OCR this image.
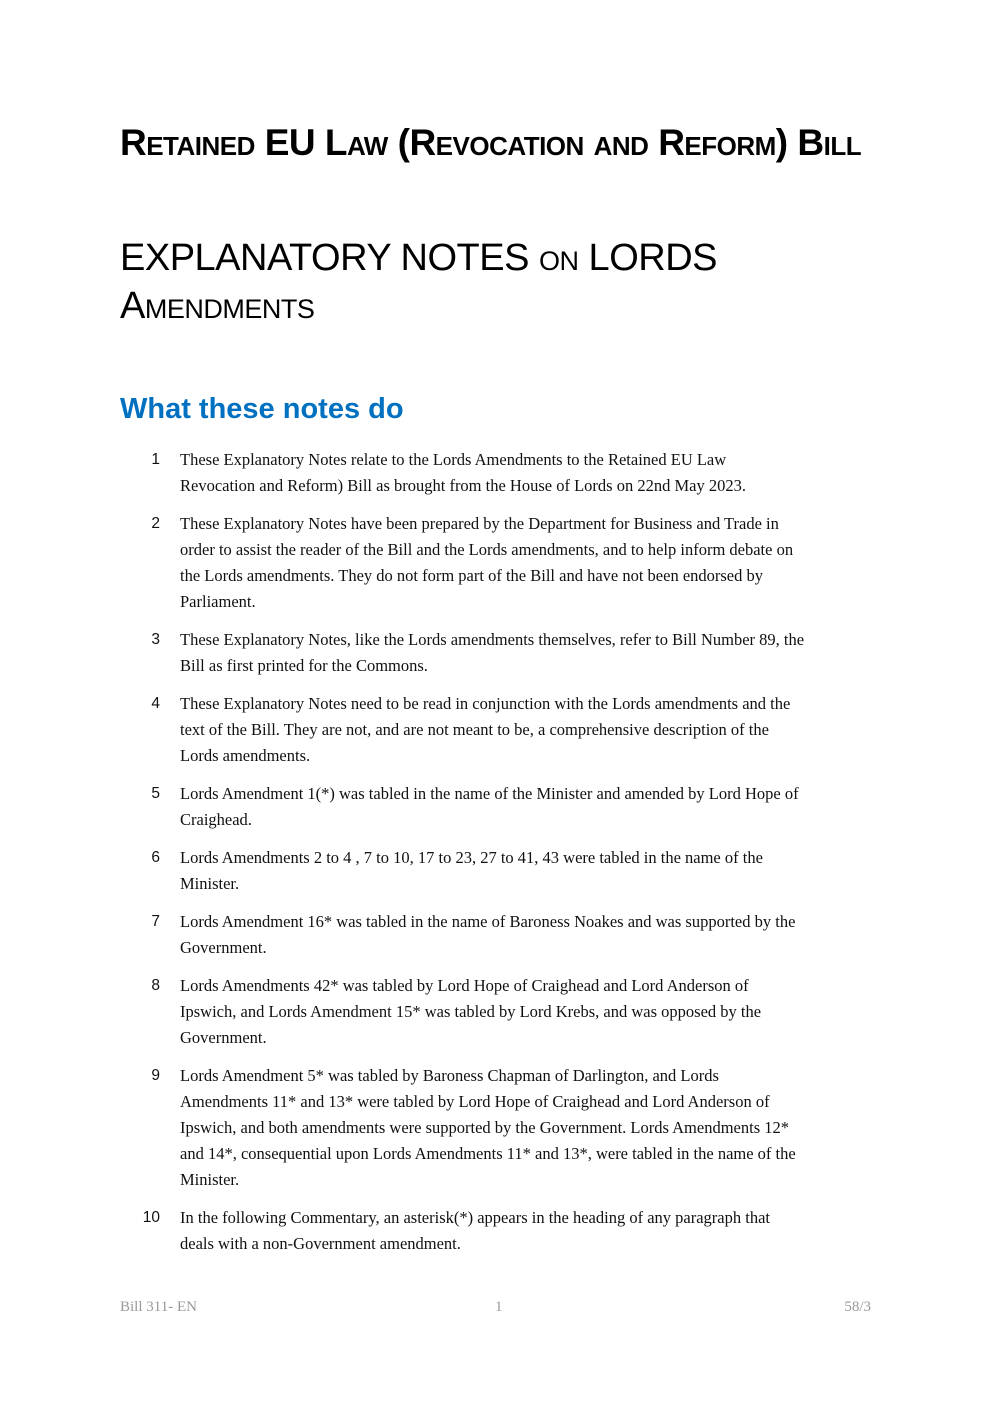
Retained EU Law (Revocation and Reform) Bill
EXPLANATORY NOTES on LORDS
Amendments
What these notes do
1 These Explanatory Notes relate to the Lords Amendments to the Retained EU Law
Revocation and Reform) Bill as brought from the House of Lords on 22nd May 2023.
2 These Explanatory Notes have been prepared by the Department for Business and Trade in
order to assist the reader of the Bill and the Lords amendments, and to help inform debate on
the Lords amendments. They do not form part of the Bill and have not been endorsed by
Parliament.
3 These Explanatory Notes, like the Lords amendments themselves, refer to Bill Number 89, the
Bill as first printed for the Commons.
4 These Explanatory Notes need to be read in conjunction with the Lords amendments and the
text of the Bill. They are not, and are not meant to be, a comprehensive description of the
Lords amendments.
5 Lords Amendment 1(*) was tabled in the name of the Minister and amended by Lord Hope of
Craighead.
6 Lords Amendments 2 to 4 , 7 to 10, 17 to 23, 27 to 41, 43 were tabled in the name of the
Minister.
7 Lords Amendment 16* was tabled in the name of Baroness Noakes and was supported by the
Government.
8 Lords Amendments 42* was tabled by Lord Hope of Craighead and Lord Anderson of
Ipswich, and Lords Amendment 15* was tabled by Lord Krebs, and was opposed by the
Government.
9 Lords Amendment 5* was tabled by Baroness Chapman of Darlington, and Lords
Amendments 11* and 13* were tabled by Lord Hope of Craighead and Lord Anderson of
Ipswich, and both amendments were supported by the Government. Lords Amendments 12*
and 14*, consequential upon Lords Amendments 11* and 13*, were tabled in the name of the
Minister.
10 In the following Commentary, an asterisk(*) appears in the heading of any paragraph that
deals with a non-Government amendment.
Bill 311- EN	1	58/3
